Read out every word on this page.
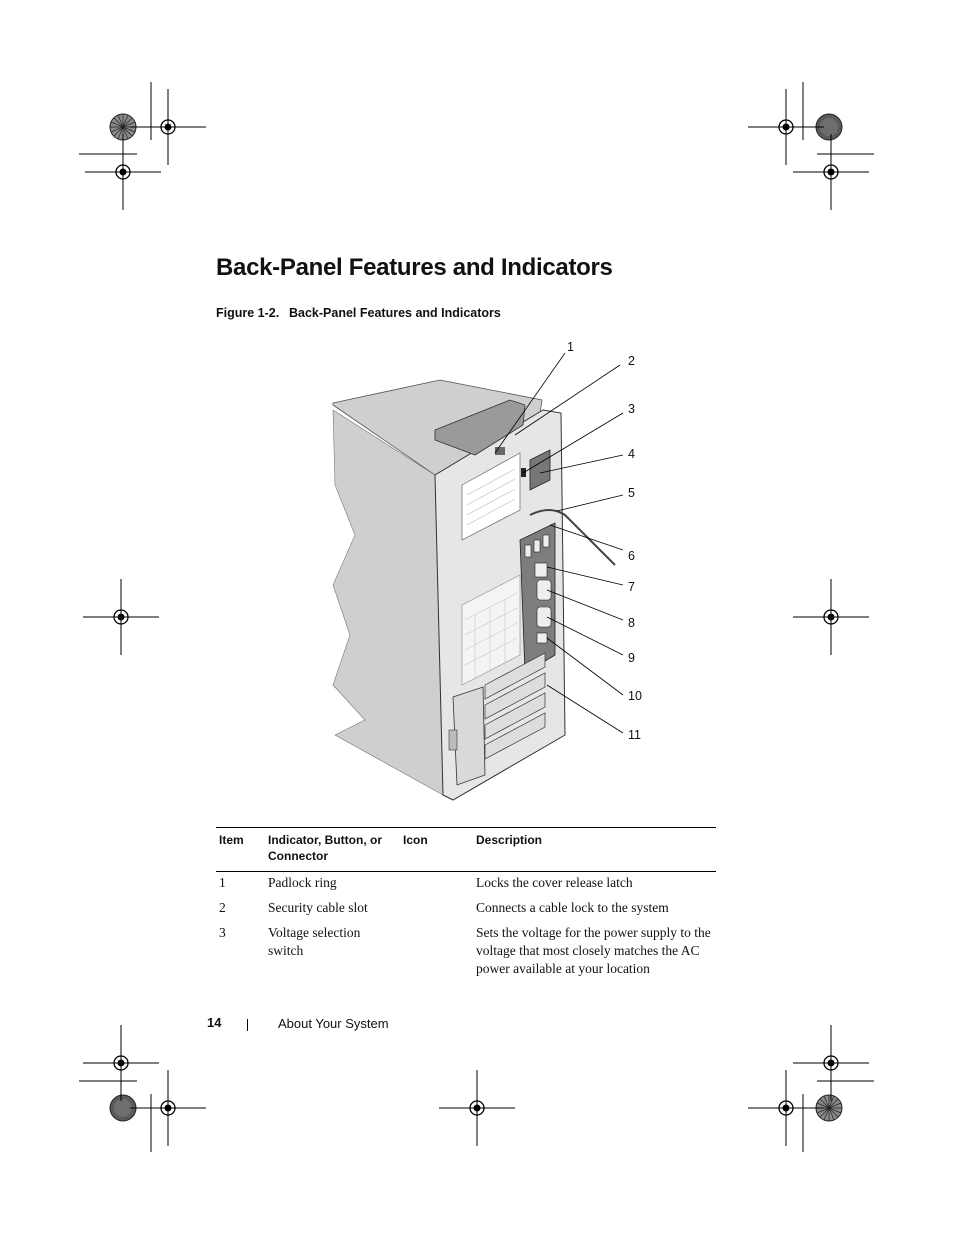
Back-Panel Features and Indicators
Figure 1-2. Back-Panel Features and Indicators
1
2
3
4
5
6
7
8
9
10
11
Item	Indicator, Button, or Connector	Icon	Description
1	Padlock ring		Locks the cover release latch
2	Security cable slot		Connects a cable lock to the system
3	Voltage selection switch		Sets the voltage for the power supply to the voltage that most closely matches the AC power available at your location
14	About Your System
